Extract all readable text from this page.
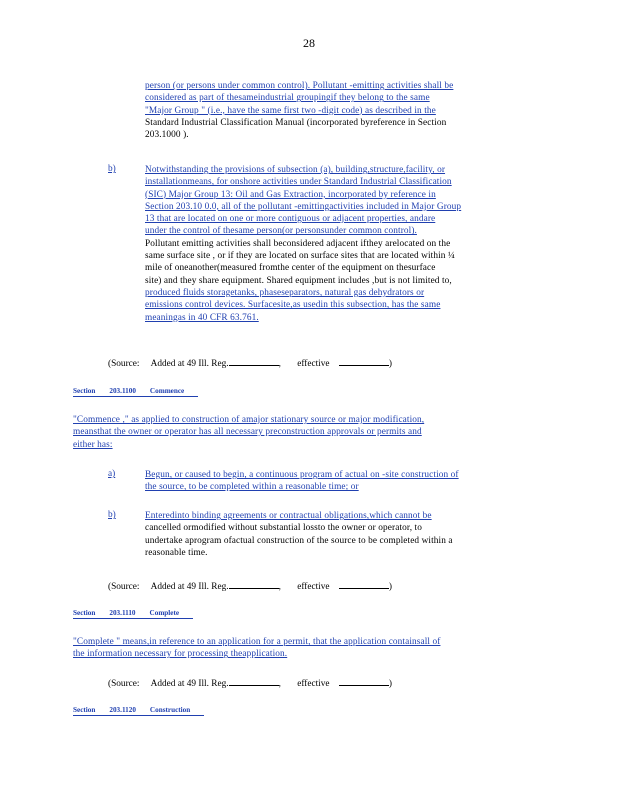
28
person (or persons under common control). Pollutant -emitting activities shall be
considered as part of thesameindustrial groupingif they belong to the same
"Major Group " (i.e., have the same first two -digit code) as described in the
Standard Industrial Classification Manual (incorporated byreference in Section
203.1000 ).
b)	Notwithstanding the provisions of subsection (a), building,structure,facility, or
installationmeans, for onshore activities under Standard Industrial Classification
(SIC) Major Group 13: Oil and Gas Extraction, incorporated by reference in
Section 203.10 0.0, all of the pollutant -emittingactivities included in Major Group
13 that are located on one or more contiguous or adjacent properties, andare
under the control of thesame person(or personsunder common control).
Pollutant emitting activities shall beconsidered adjacent ifthey arelocated on the
same surface site , or if they are located on surface sites that are located within ¼
mile of oneanother(measured fromthe center of the equipment on thesurface
site) and they share equipment. Shared equipment includes ,but is not limited to,
produced fluids storagetanks, phaseseparators, natural gas dehydrators or
emissions control devices. Surfacesite,as usedin this subsection, has the same
meaningas in 40 CFR 63.761.
(Source: Added at 49 Ill. Reg.	,       effective	)
Section 203.1100 Commence
"Commence ," as applied to construction of amajor stationary source or major modification,
meansthat the owner or operator has all necessary preconstruction approvals or permits and
either has:
a)	Begun, or caused to begin, a continuous program of actual on -site construction of
the source, to be completed within a reasonable time; or
b)	Enteredinto binding agreements or contractual obligations,which cannot be
cancelled ormodified without substantial lossto the owner or operator, to
undertake aprogram ofactual construction of the source to be completed within a
reasonable time.
(Source: Added at 49 Ill. Reg.	,       effective	)
Section 203.1110 Complete
"Complete " means,in reference to an application for a permit, that the application containsall of
the information necessary for processing theapplication.
(Source: Added at 49 Ill. Reg.	,       effective	)
Section 203.1120 Construction
